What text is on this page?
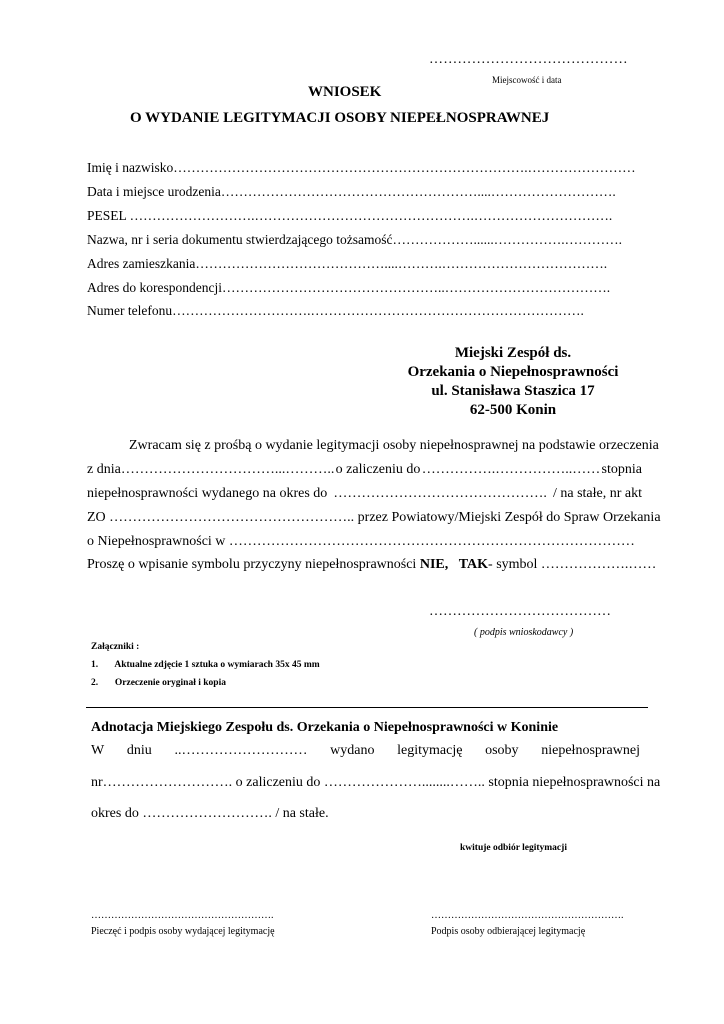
……………………………………
Miejscowość i data
WNIOSEK
O WYDANIE LEGITYMACJI OSOBY NIEPEŁNOSPRAWNEJ
Imię i nazwisko…………………………………………………………………….……………………
Data i miejsce urodzenia…………………………………………………....……………………….
PESEL ……………………….………………………………………….………………………….
Nazwa, nr i seria dokumentu stwierdzającego tożsamość………………......…………….………….
Adres zamieszkania……………………………………....……….……………………………….
Adres do korespondencji…………………………………………..……………………………….
Numer telefonu………………………….…………………………………………………….
Miejski Zespół ds.
Orzekania o Niepełnosprawności
ul. Stanisława Staszica 17
62-500 Konin
Zwracam się z prośbą o wydanie legitymacji osoby niepełnosprawnej na podstawie orzeczenia
z dnia……………………………...……….. o zaliczeniu do …………….……………..…… stopnia
niepełnosprawności wydanego na okres do ………………………………………. / na stałe, nr akt
ZO …………………………………………….. przez Powiatowy/Miejski Zespół do Spraw Orzekania
o Niepełnosprawności w ……………………………………………………………………………
Proszę o wpisanie symbolu przyczyny niepełnosprawności NIE, TAK- symbol ……………….……
…………………………………
( podpis wnioskodawcy )
Załączniki :
1. Aktualne zdjęcie 1 sztuka o wymiarach 35x 45 mm
2. Orzeczenie oryginał i kopia
Adnotacja Miejskiego Zespołu ds. Orzekania o Niepełnosprawności w Koninie
W dniu ..……………………… wydano legitymację osoby niepełnosprawnej
nr………………………. o zaliczeniu do …………………........…….. stopnia niepełnosprawności na
okres do ………………………. / na stałe.
kwituje odbiór legitymacji
……………………………………………….
Pieczęć i podpis osoby wydającej legitymację
………………………………………………….
Podpis osoby odbierającej legitymację
